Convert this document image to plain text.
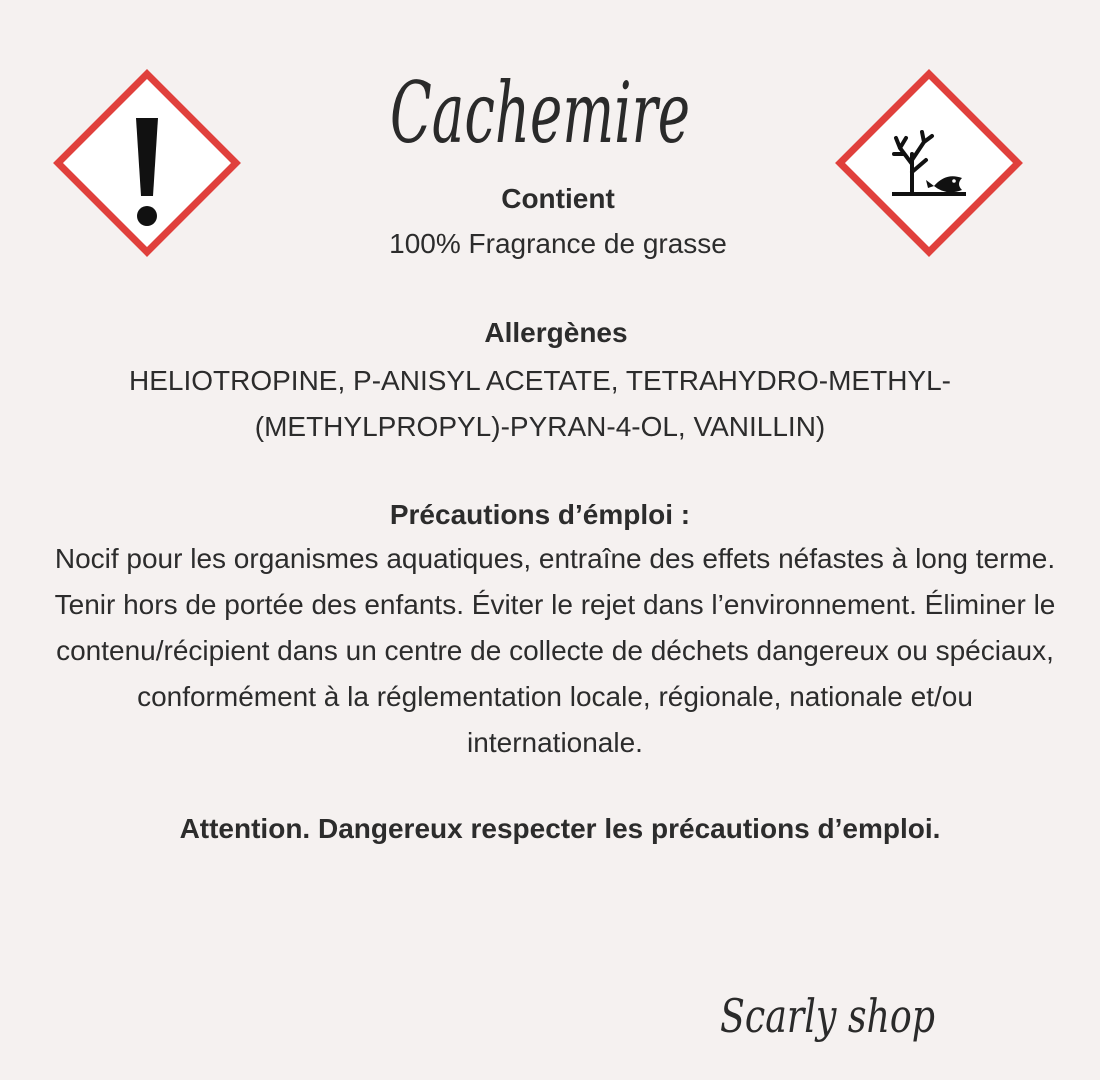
Cachemire
Contient
100% Fragrance de grasse
Allergènes
HELIOTROPINE, P-ANISYL ACETATE, TETRAHYDRO-METHYL-(METHYLPROPYL)-PYRAN-4-OL, VANILLIN)
Précautions d’émploi :
Nocif pour les organismes aquatiques, entraîne des effets néfastes à long terme. Tenir hors de portée des enfants. Éviter le rejet dans l’environnement. Éliminer le contenu/récipient dans un centre de collecte de déchets dangereux ou spéciaux, conformément à la réglementation locale, régionale, nationale et/ou internationale.
Attention. Dangereux respecter les précautions d’emploi.
Scarly shop
